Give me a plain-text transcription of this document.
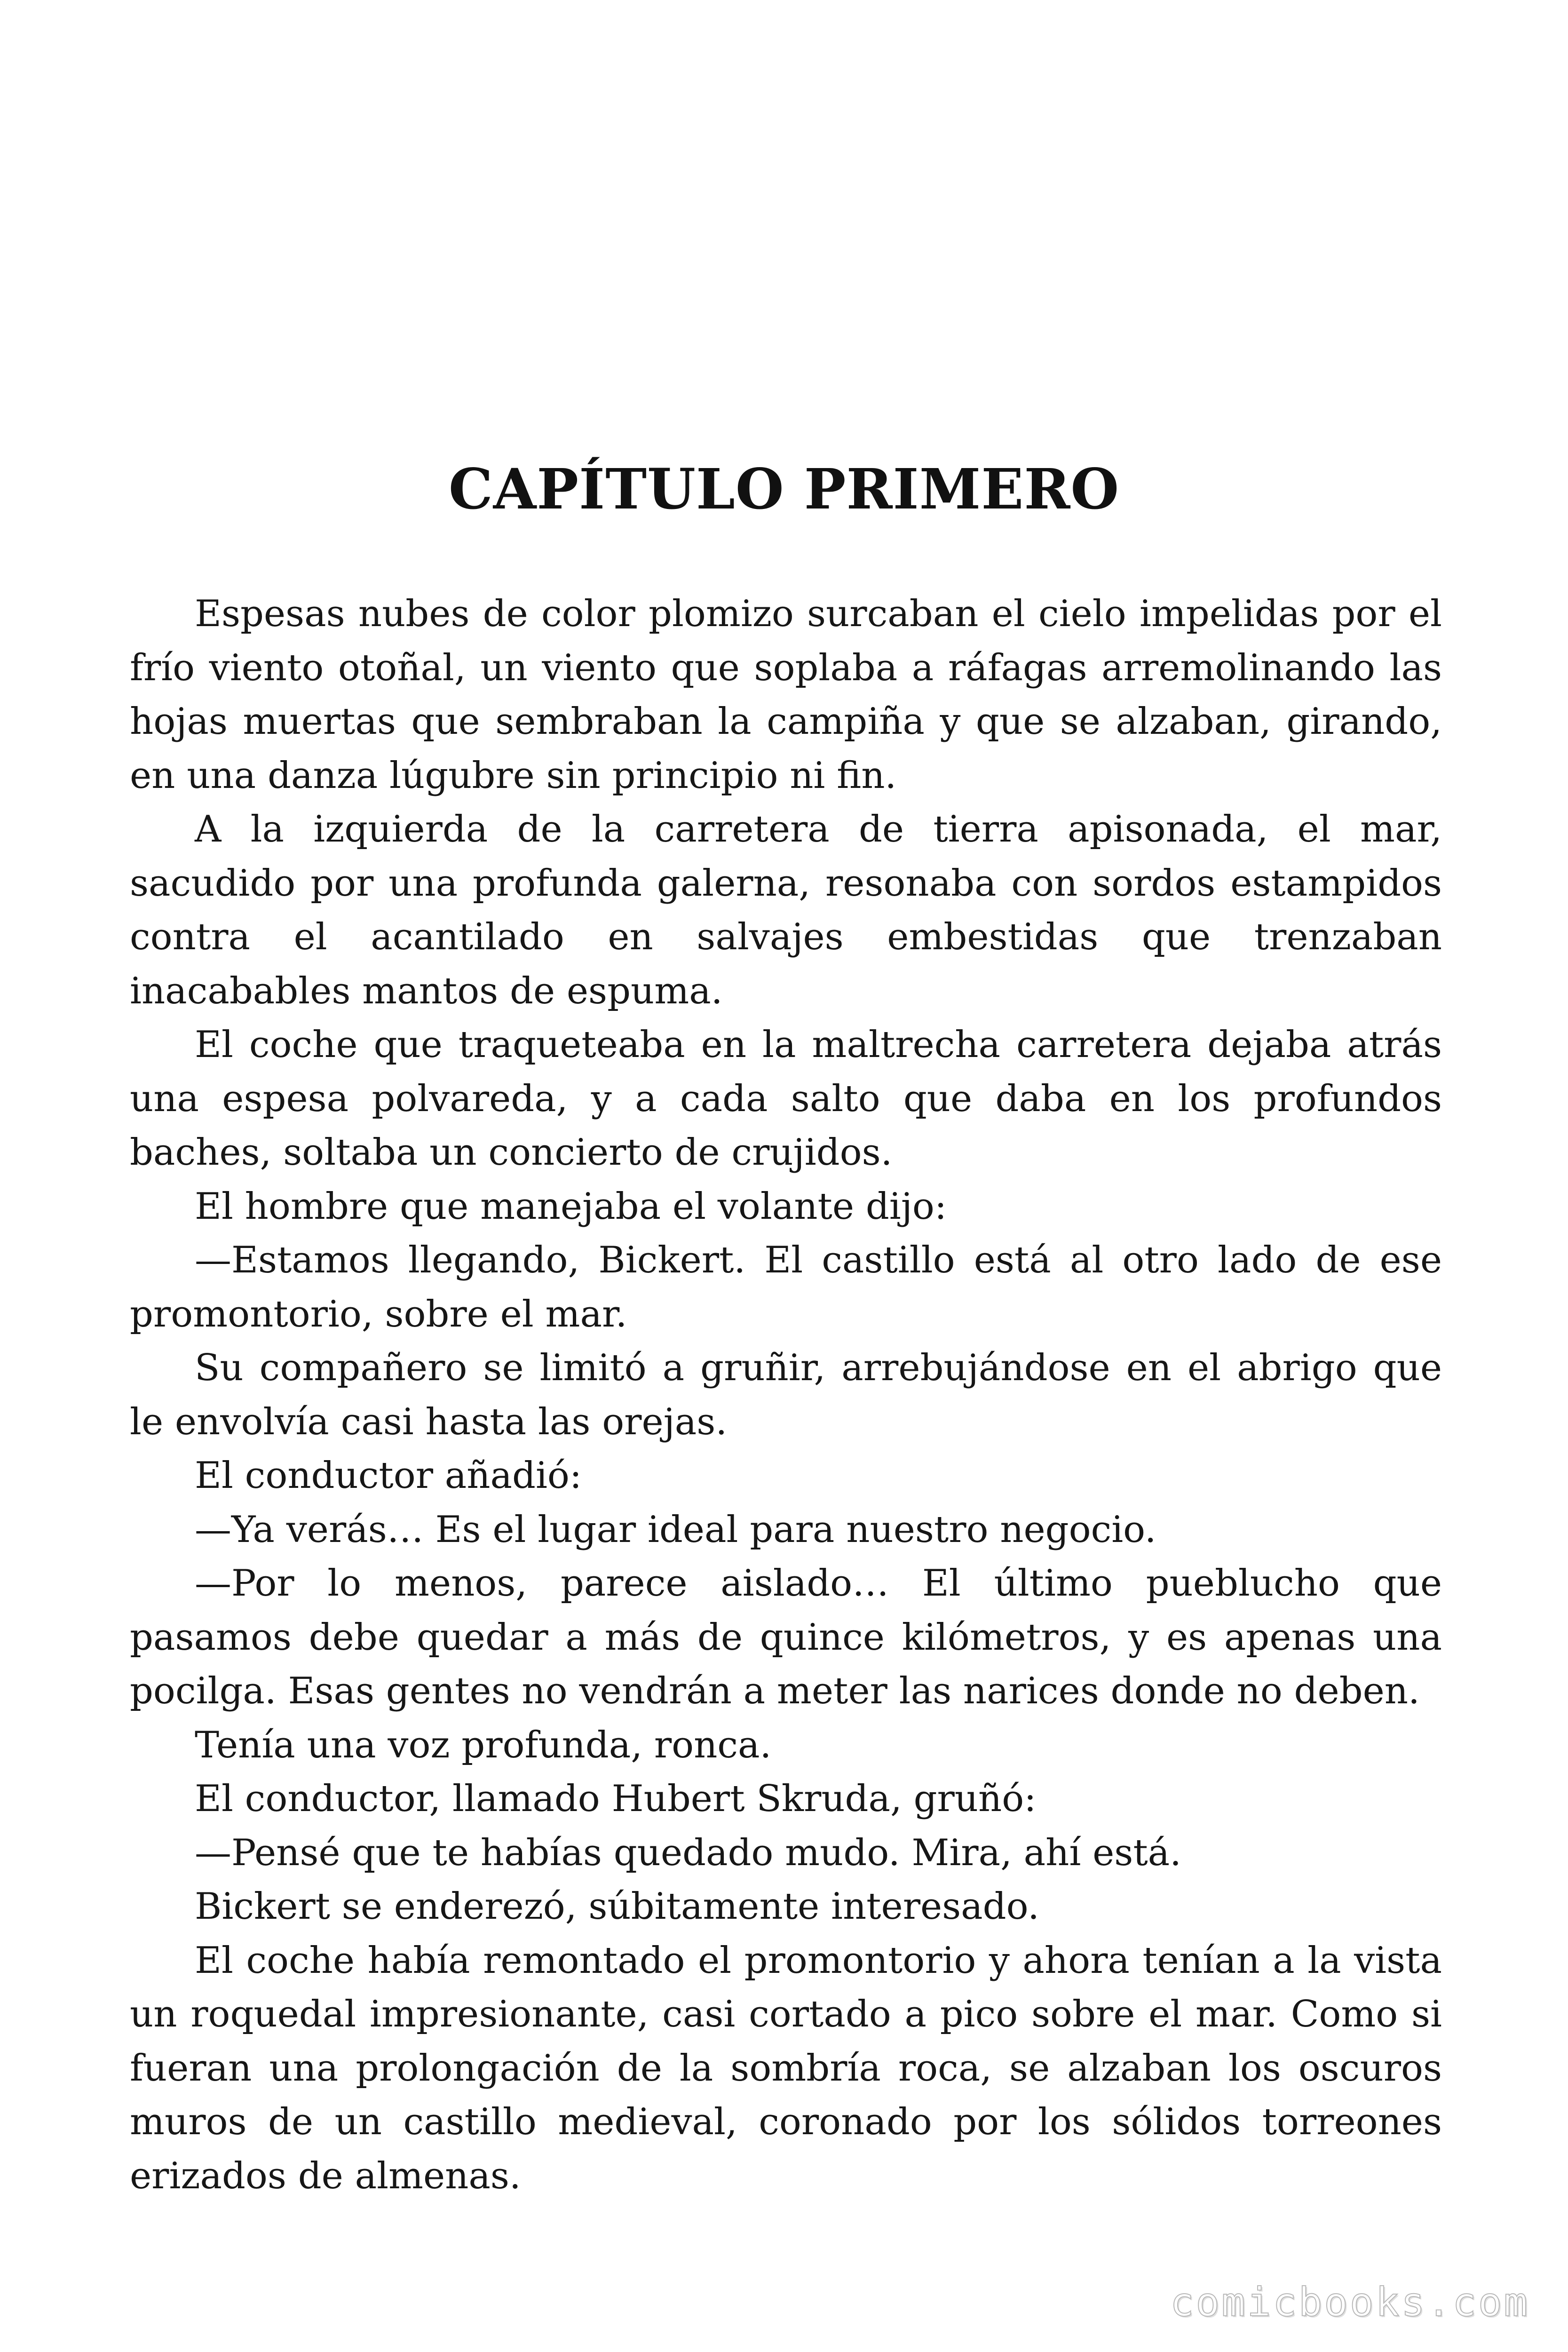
CAPÍTULO PRIMERO

Espesas nubes de color plomizo surcaban el cielo impelidas por el frío viento otoñal, un viento que soplaba a ráfagas arremolinando las hojas muertas que sembraban la campiña y que se alzaban, girando, en una danza lúgubre sin principio ni fin.

A la izquierda de la carretera de tierra apisonada, el mar, sacudido por una profunda galerna, resonaba con sordos estampidos contra el acantilado en salvajes embestidas que trenzaban inacabables mantos de espuma.

El coche que traqueteaba en la maltrecha carretera dejaba atrás una espesa polvareda, y a cada salto que daba en los profundos baches, soltaba un concierto de crujidos.

El hombre que manejaba el volante dijo:

—Estamos llegando, Bickert. El castillo está al otro lado de ese promontorio, sobre el mar.

Su compañero se limitó a gruñir, arrebujándose en el abrigo que le envolvía casi hasta las orejas.

El conductor añadió:

—Ya verás… Es el lugar ideal para nuestro negocio.

—Por lo menos, parece aislado… El último pueblucho que pasamos debe quedar a más de quince kilómetros, y es apenas una pocilga. Esas gentes no vendrán a meter las narices donde no deben.

Tenía una voz profunda, ronca.

El conductor, llamado Hubert Skruda, gruñó:

—Pensé que te habías quedado mudo. Mira, ahí está.

Bickert se enderezó, súbitamente interesado.

El coche había remontado el promontorio y ahora tenían a la vista un roquedal impresionante, casi cortado a pico sobre el mar. Como si fueran una prolongación de la sombría roca, se alzaban los oscuros muros de un castillo medieval, coronado por los sólidos torreones erizados de almenas.

comicbooks.com
